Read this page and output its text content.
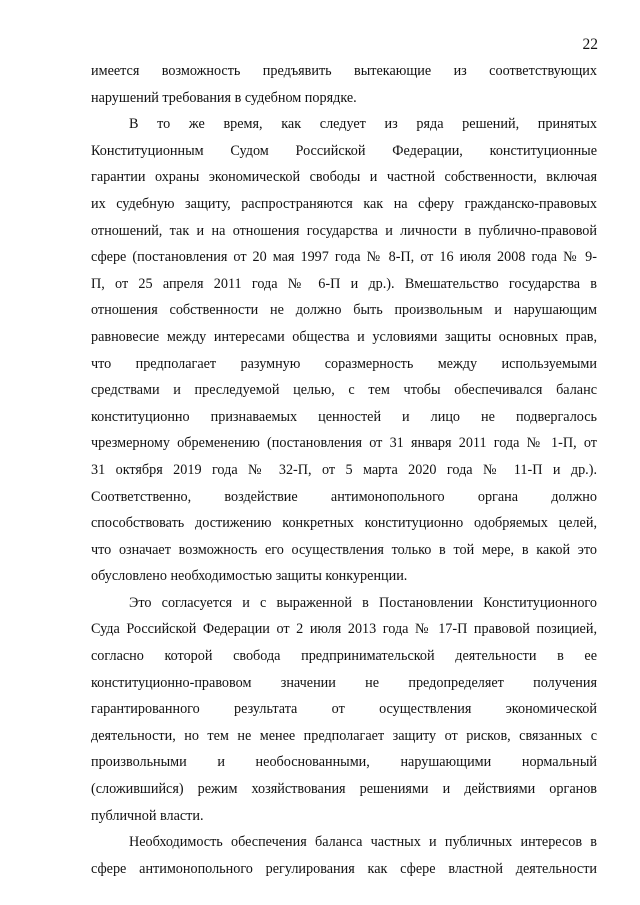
22
имеется возможность предъявить вытекающие из соответствующих
нарушений требования в судебном порядке.
В то же время, как следует из ряда решений, принятых
Конституционным Судом Российской Федерации, конституционные
гарантии охраны экономической свободы и частной собственности, включая
их судебную защиту, распространяются как на сферу гражданско-правовых
отношений, так и на отношения государства и личности в публично-правовой
сфере (постановления от 20 мая 1997 года № 8-П, от 16 июля 2008 года № 9-
П, от 25 апреля 2011 года № 6-П и др.). Вмешательство государства в
отношения собственности не должно быть произвольным и нарушающим
равновесие между интересами общества и условиями защиты основных прав,
что предполагает разумную соразмерность между используемыми
средствами и преследуемой целью, с тем чтобы обеспечивался баланс
конституционно признаваемых ценностей и лицо не подвергалось
чрезмерному обременению (постановления от 31 января 2011 года № 1-П, от
31 октября 2019 года № 32-П, от 5 марта 2020 года № 11-П и др.).
Соответственно, воздействие антимонопольного органа должно
способствовать достижению конкретных конституционно одобряемых целей,
что означает возможность его осуществления только в той мере, в какой это
обусловлено необходимостью защиты конкуренции.
Это согласуется и с выраженной в Постановлении Конституционного
Суда Российской Федерации от 2 июля 2013 года № 17-П правовой позицией,
согласно которой свобода предпринимательской деятельности в ее
конституционно-правовом значении не предопределяет получения
гарантированного результата от осуществления экономической
деятельности, но тем не менее предполагает защиту от рисков, связанных с
произвольными и необоснованными, нарушающими нормальный
(сложившийся) режим хозяйствования решениями и действиями органов
публичной власти.
Необходимость обеспечения баланса частных и публичных интересов в
сфере антимонопольного регулирования как сфере властной деятельности
